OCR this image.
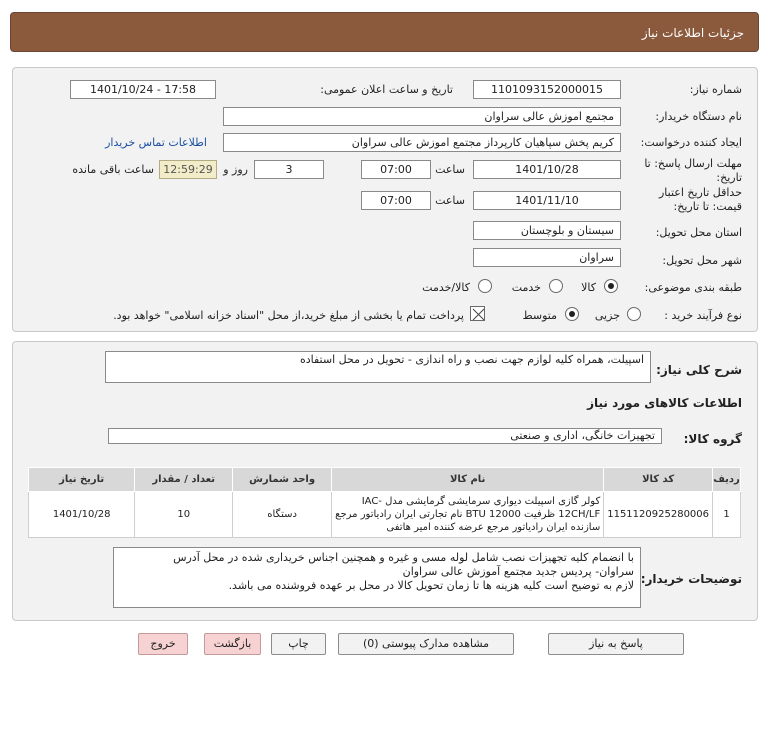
جزئیات اطلاعات نیاز
شماره نیاز:
1101093152000015
تاریخ و ساعت اعلان عمومی:
1401/10/24 - 17:58
نام دستگاه خریدار:
مجتمع اموزش عالی سراوان
ایجاد کننده درخواست:
کریم پخش سپاهیان کارپرداز مجتمع اموزش عالی سراوان
اطلاعات تماس خریدار
مهلت ارسال پاسخ: تا تاریخ:
1401/10/28
ساعت
07:00
3
روز و
12:59:29
ساعت باقی مانده
حداقل تاریخ اعتبار قیمت: تا تاریخ:
1401/11/10
ساعت
07:00
استان محل تحویل:
سیستان و بلوچستان
شهر محل تحویل:
سراوان
طبقه بندی موضوعی:
کالا
خدمت
کالا/خدمت
نوع فرآیند خرید :
جزیی
متوسط
پرداخت تمام یا بخشی از مبلغ خرید،از محل "اسناد خزانه اسلامی" خواهد بود.
شرح کلی نیاز:
اسپیلت، همراه کلیه لوازم جهت نصب و راه اندازی - تحویل در محل استفاده
اطلاعات کالاهای مورد نیاز
گروه کالا:
تجهیزات خانگی، اداری و صنعتی
ردیف	کد کالا	نام کالا	واحد شمارش	تعداد / مقدار	تاریخ نیاز
1	1151120925280006	کولر گازی اسپیلت دیواری سرمایشی گرمایشی مدل IAC-12CH/LF ظرفیت BTU 12000 نام تجارتی ایران رادیاتور مرجع سازنده ایران رادیاتور مرجع عرضه کننده امیر هاتفی	دستگاه	10	1401/10/28
توضیحات خریدار:
با انضمام کلیه تجهیزات نصب شامل لوله مسی و غیره و همچنین اجناس خریداری شده در محل آدرس
سراوان- پردیس جدید مجتمع آموزش عالی سراوان
لازم به توضیح است کلیه هزینه ها تا زمان تحویل کالا در محل بر عهده فروشنده می باشد.
پاسخ به نیاز
مشاهده مدارک پیوستی (0)
چاپ
بازگشت
خروج
